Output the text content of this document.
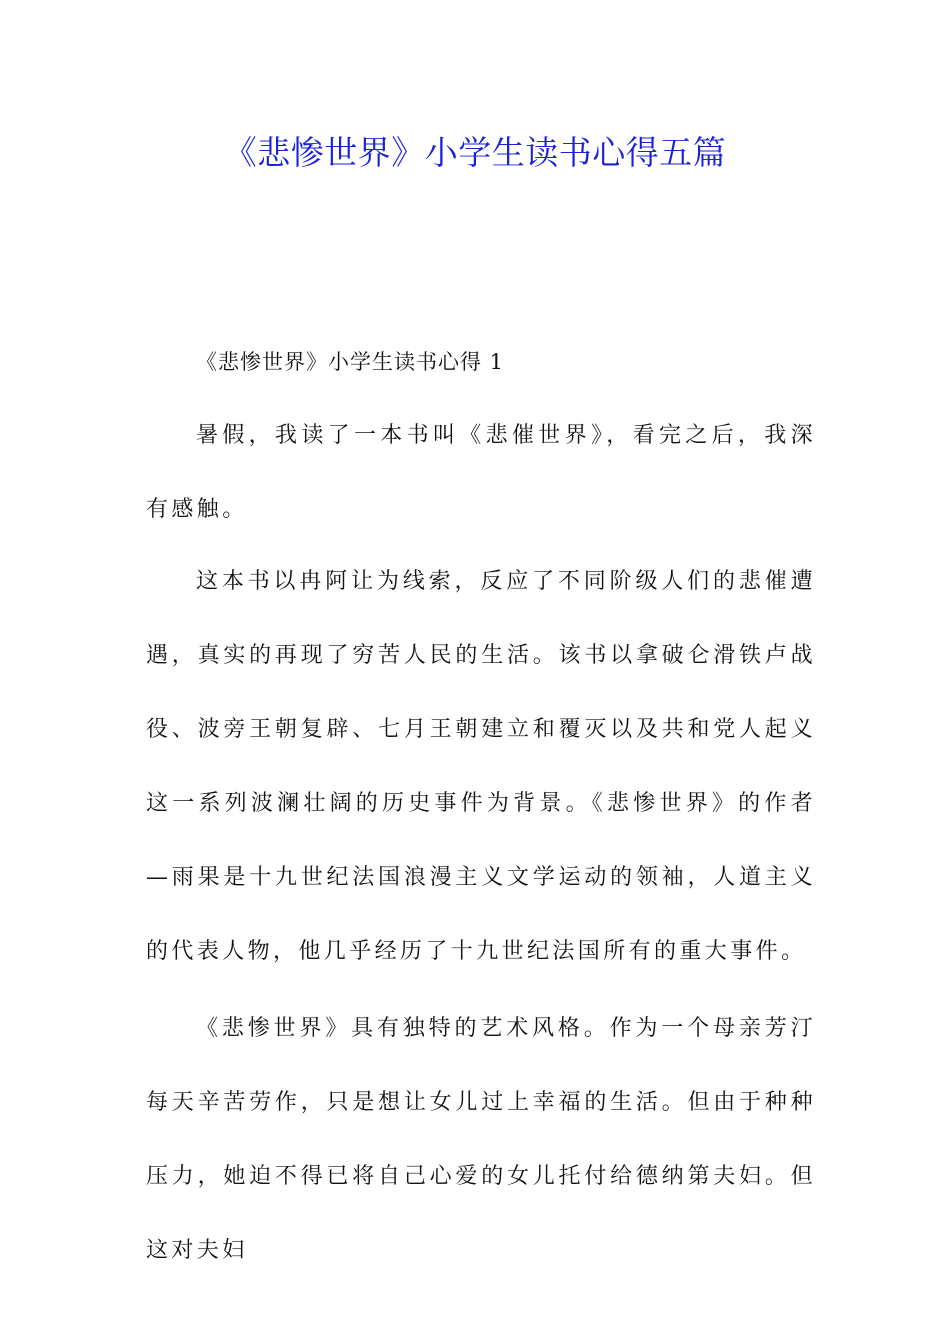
《悲惨世界》小学生读书心得五篇

《悲惨世界》小学生读书心得 1

暑假，我读了一本书叫《悲催世界》，看完之后，我深有感触。

这本书以冉阿让为线索，反应了不同阶级人们的悲催遭遇，真实的再现了穷苦人民的生活。该书以拿破仑滑铁卢战役、波旁王朝复辟、七月王朝建立和覆灭以及共和党人起义这一系列波澜壮阔的历史事件为背景。《悲惨世界》的作者—雨果是十九世纪法国浪漫主义文学运动的领袖，人道主义的代表人物，他几乎经历了十九世纪法国所有的重大事件。

《悲惨世界》具有独特的艺术风格。作为一个母亲芳汀每天辛苦劳作，只是想让女儿过上幸福的生活。但由于种种压力，她迫不得已将自己心爱的女儿托付给德纳第夫妇。但这对夫妇
